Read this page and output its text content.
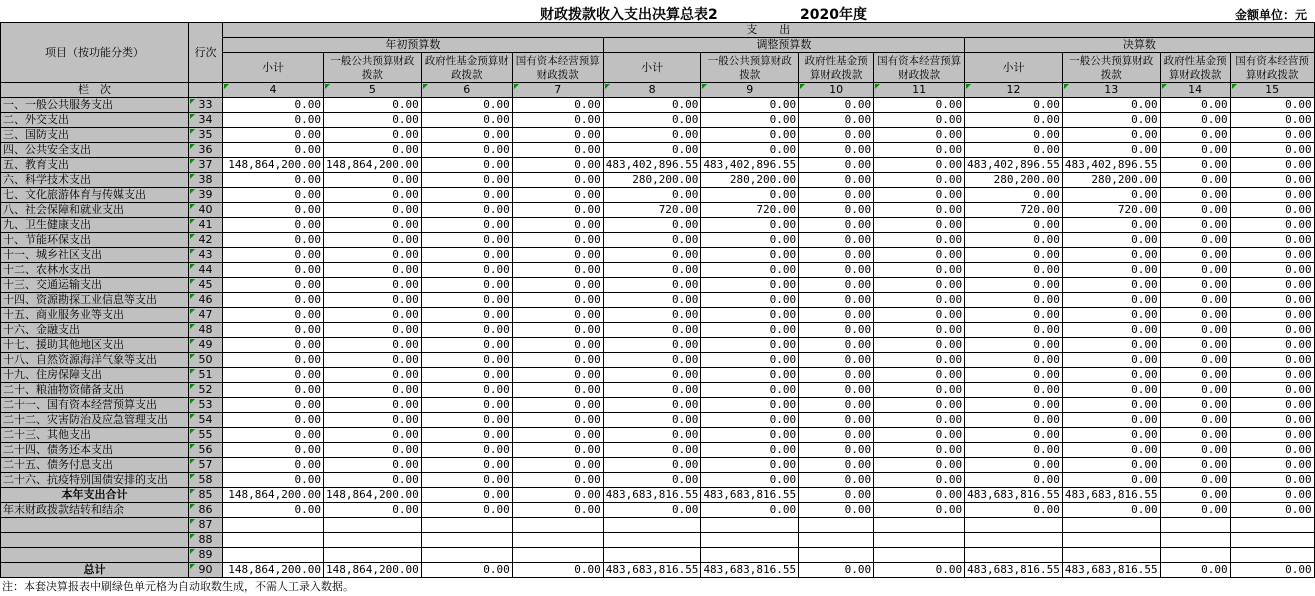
财政拨款收入支出决算总表2	2020年度	金额单位：元
项目（按功能分类）	行次	支　　出											
		年初预算数				调整预算数				决算数			
		小计	一般公共预算财政拨款	政府性基金预算财政拨款	国有资本经营预算财政拨款	小计	一般公共预算财政拨款	政府性基金预算财政拨款	国有资本经营预算财政拨款	小计	一般公共预算财政拨款	政府性基金预算财政拨款	国有资本经营预算财政拨款
栏　次		4	5	6	7	8	9	10	11	12	13	14	15
一、一般公共服务支出	33	0.00	0.00	0.00	0.00	0.00	0.00	0.00	0.00	0.00	0.00	0.00	0.00
二、外交支出	34	0.00	0.00	0.00	0.00	0.00	0.00	0.00	0.00	0.00	0.00	0.00	0.00
三、国防支出	35	0.00	0.00	0.00	0.00	0.00	0.00	0.00	0.00	0.00	0.00	0.00	0.00
四、公共安全支出	36	0.00	0.00	0.00	0.00	0.00	0.00	0.00	0.00	0.00	0.00	0.00	0.00
五、教育支出	37	148,864,200.00	148,864,200.00	0.00	0.00	483,402,896.55	483,402,896.55	0.00	0.00	483,402,896.55	483,402,896.55	0.00	0.00
六、科学技术支出	38	0.00	0.00	0.00	0.00	280,200.00	280,200.00	0.00	0.00	280,200.00	280,200.00	0.00	0.00
七、文化旅游体育与传媒支出	39	0.00	0.00	0.00	0.00	0.00	0.00	0.00	0.00	0.00	0.00	0.00	0.00
八、社会保障和就业支出	40	0.00	0.00	0.00	0.00	720.00	720.00	0.00	0.00	720.00	720.00	0.00	0.00
九、卫生健康支出	41	0.00	0.00	0.00	0.00	0.00	0.00	0.00	0.00	0.00	0.00	0.00	0.00
十、节能环保支出	42	0.00	0.00	0.00	0.00	0.00	0.00	0.00	0.00	0.00	0.00	0.00	0.00
十一、城乡社区支出	43	0.00	0.00	0.00	0.00	0.00	0.00	0.00	0.00	0.00	0.00	0.00	0.00
十二、农林水支出	44	0.00	0.00	0.00	0.00	0.00	0.00	0.00	0.00	0.00	0.00	0.00	0.00
十三、交通运输支出	45	0.00	0.00	0.00	0.00	0.00	0.00	0.00	0.00	0.00	0.00	0.00	0.00
十四、资源勘探工业信息等支出	46	0.00	0.00	0.00	0.00	0.00	0.00	0.00	0.00	0.00	0.00	0.00	0.00
十五、商业服务业等支出	47	0.00	0.00	0.00	0.00	0.00	0.00	0.00	0.00	0.00	0.00	0.00	0.00
十六、金融支出	48	0.00	0.00	0.00	0.00	0.00	0.00	0.00	0.00	0.00	0.00	0.00	0.00
十七、援助其他地区支出	49	0.00	0.00	0.00	0.00	0.00	0.00	0.00	0.00	0.00	0.00	0.00	0.00
十八、自然资源海洋气象等支出	50	0.00	0.00	0.00	0.00	0.00	0.00	0.00	0.00	0.00	0.00	0.00	0.00
十九、住房保障支出	51	0.00	0.00	0.00	0.00	0.00	0.00	0.00	0.00	0.00	0.00	0.00	0.00
二十、粮油物资储备支出	52	0.00	0.00	0.00	0.00	0.00	0.00	0.00	0.00	0.00	0.00	0.00	0.00
二十一、国有资本经营预算支出	53	0.00	0.00	0.00	0.00	0.00	0.00	0.00	0.00	0.00	0.00	0.00	0.00
二十二、灾害防治及应急管理支出	54	0.00	0.00	0.00	0.00	0.00	0.00	0.00	0.00	0.00	0.00	0.00	0.00
二十三、其他支出	55	0.00	0.00	0.00	0.00	0.00	0.00	0.00	0.00	0.00	0.00	0.00	0.00
二十四、债务还本支出	56	0.00	0.00	0.00	0.00	0.00	0.00	0.00	0.00	0.00	0.00	0.00	0.00
二十五、债务付息支出	57	0.00	0.00	0.00	0.00	0.00	0.00	0.00	0.00	0.00	0.00	0.00	0.00
二十六、抗疫特别国债安排的支出	58	0.00	0.00	0.00	0.00	0.00	0.00	0.00	0.00	0.00	0.00	0.00	0.00
本年支出合计	85	148,864,200.00	148,864,200.00	0.00	0.00	483,683,816.55	483,683,816.55	0.00	0.00	483,683,816.55	483,683,816.55	0.00	0.00
年末财政拨款结转和结余	86	0.00	0.00	0.00	0.00	0.00	0.00	0.00	0.00	0.00	0.00	0.00	0.00
	87												
	88												
	89												
总计	90	148,864,200.00	148,864,200.00	0.00	0.00	483,683,816.55	483,683,816.55	0.00	0.00	483,683,816.55	483,683,816.55	0.00	0.00
注：本套决算报表中刷绿色单元格为自动取数生成，不需人工录入数据。
